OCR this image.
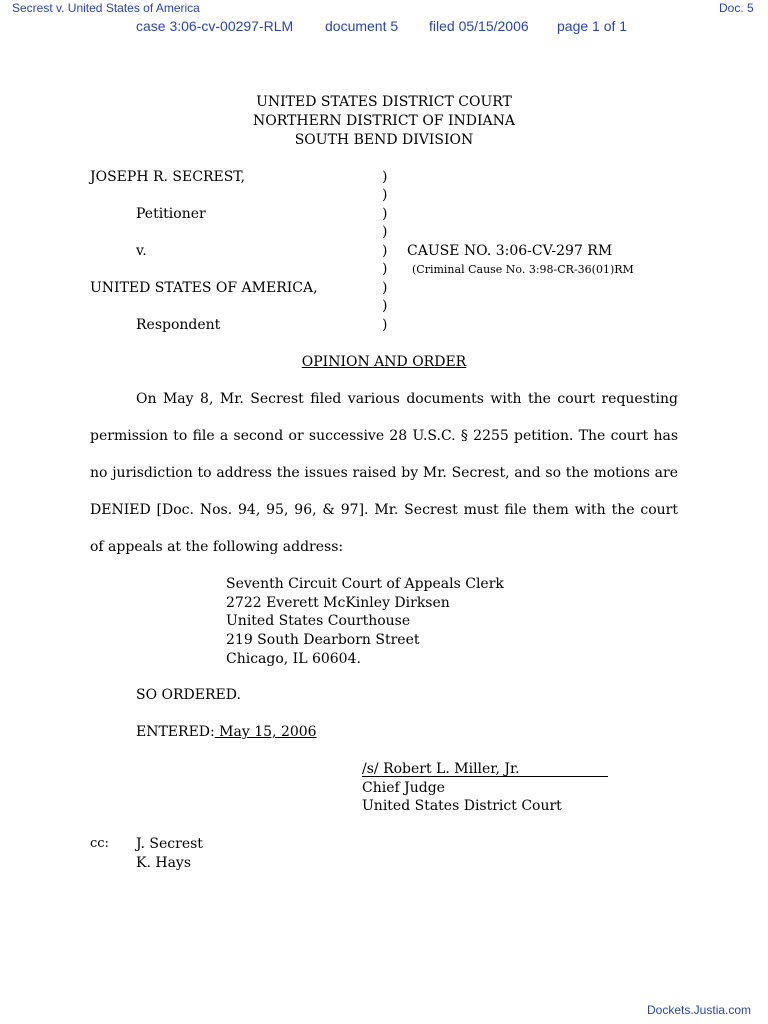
Secrest v. United States of America	Doc. 5
case 3:06-cv-00297-RLM document 5 filed 05/15/2006 page 1 of 1
UNITED STATES DISTRICT COURT
NORTHERN DISTRICT OF INDIANA
SOUTH BEND DIVISION
JOSEPH R. SECREST,
Petitioner
v.
UNITED STATES OF AMERICA,
Respondent
)
)
)
)
)
)
)
)
)
CAUSE NO. 3:06-CV-297 RM
(Criminal Cause No. 3:98-CR-36(01)RM
OPINION AND ORDER
On May 8, Mr. Secrest filed various documents with the court requesting
permission to file a second or successive 28 U.S.C. § 2255 petition. The court has
no jurisdiction to address the issues raised by Mr. Secrest, and so the motions are
DENIED [Doc. Nos. 94, 95, 96, & 97]. Mr. Secrest must file them with the court
of appeals at the following address:
Seventh Circuit Court of Appeals Clerk
2722 Everett McKinley Dirksen
United States Courthouse
219 South Dearborn Street
Chicago, IL 60604.
SO ORDERED.
ENTERED: May 15, 2006
/s/ Robert L. Miller, Jr.
Chief Judge
United States District Court
cc: J. Secrest
K. Hays
Dockets.Justia.com
